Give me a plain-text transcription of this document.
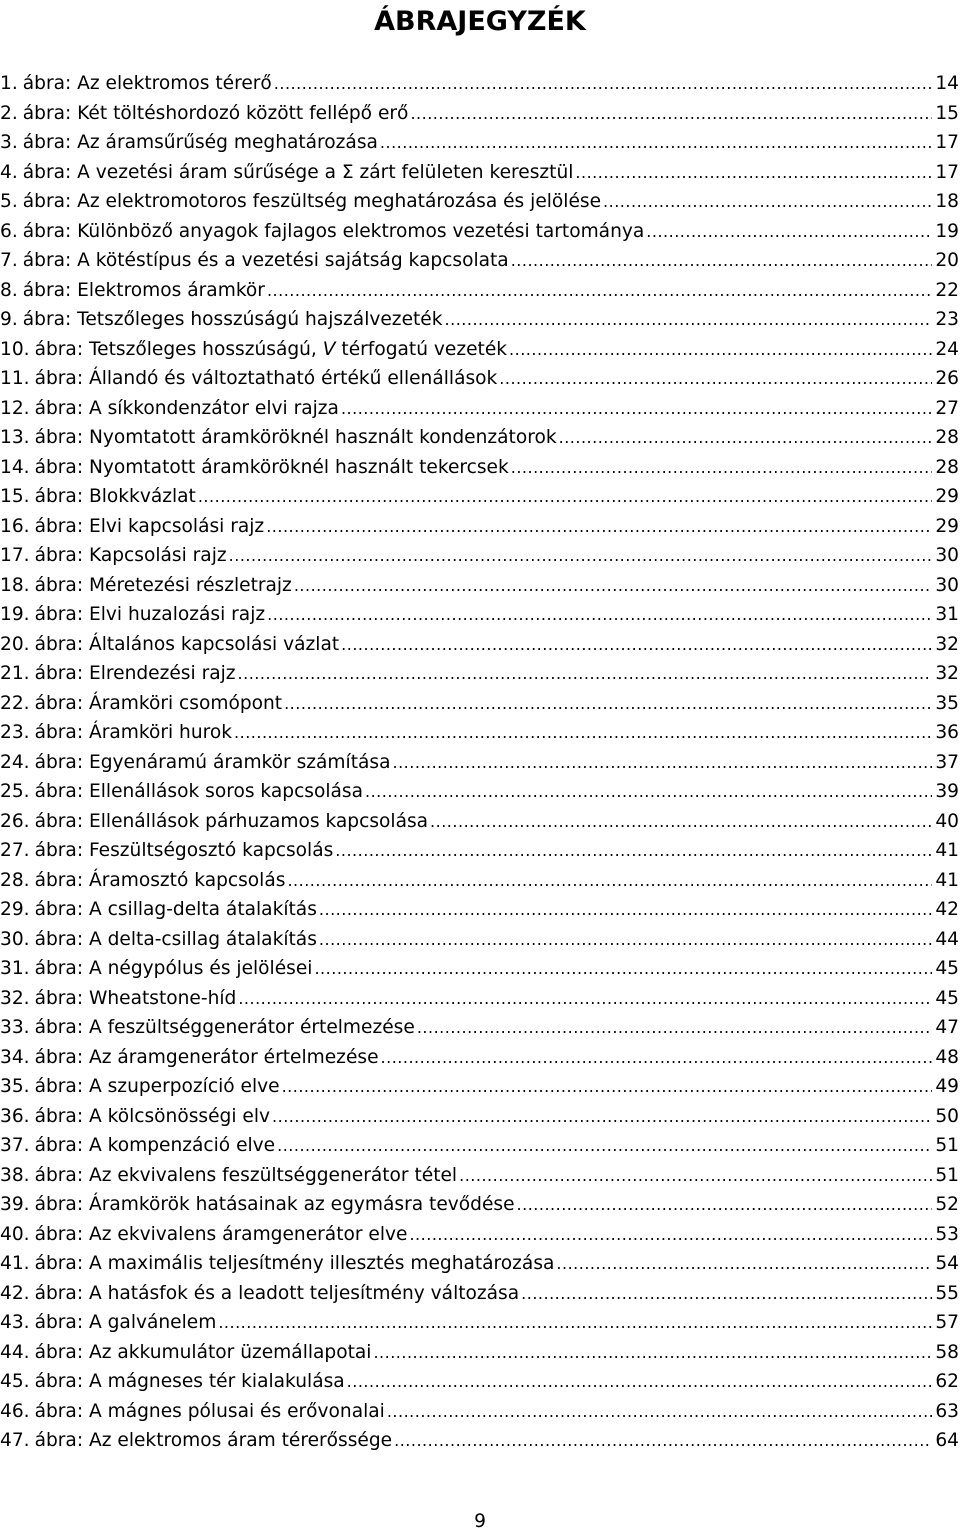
ÁBRAJEGYZÉK
1. ábra: Az elektromos térerő .....	14
2. ábra: Két töltéshordozó között fellépő erő .....	15
3. ábra: Az áramsűrűség meghatározása .....	17
4. ábra: A vezetési áram sűrűsége a Σ zárt felületen keresztül .....	17
5. ábra: Az elektromotoros feszültség meghatározása és jelölése .....	18
6. ábra: Különböző anyagok fajlagos elektromos vezetési tartománya .....	19
7. ábra: A kötéstípus és a vezetési sajátság kapcsolata .....	20
8. ábra: Elektromos áramkör .....	22
9. ábra: Tetszőleges hosszúságú hajszálvezeték .....	23
10. ábra: Tetszőleges hosszúságú, V térfogatú vezeték .....	24
11. ábra: Állandó és változtatható értékű ellenállások .....	26
12. ábra: A síkkondenzátor elvi rajza .....	27
13. ábra: Nyomtatott áramköröknél használt kondenzátorok .....	28
14. ábra: Nyomtatott áramköröknél használt tekercsek .....	28
15. ábra: Blokkvázlat .....	29
16. ábra: Elvi kapcsolási rajz .....	29
17. ábra: Kapcsolási rajz .....	30
18. ábra: Méretezési részletrajz .....	30
19. ábra: Elvi huzalozási rajz .....	31
20. ábra: Általános kapcsolási vázlat .....	32
21. ábra: Elrendezési rajz .....	32
22. ábra: Áramköri csomópont .....	35
23. ábra: Áramköri hurok .....	36
24. ábra: Egyenáramú áramkör számítása .....	37
25. ábra: Ellenállások soros kapcsolása .....	39
26. ábra: Ellenállások párhuzamos kapcsolása .....	40
27. ábra: Feszültségosztó kapcsolás .....	41
28. ábra: Áramosztó kapcsolás .....	41
29. ábra: A csillag-delta átalakítás .....	42
30. ábra: A delta-csillag átalakítás .....	44
31. ábra: A négypólus és jelölései .....	45
32. ábra: Wheatstone-híd .....	45
33. ábra: A feszültséggenerátor értelmezése .....	47
34. ábra: Az áramgenerátor értelmezése .....	48
35. ábra: A szuperpozíció elve .....	49
36. ábra: A kölcsönösségi elv .....	50
37. ábra: A kompenzáció elve .....	51
38. ábra: Az ekvivalens feszültséggenerátor tétel .....	51
39. ábra: Áramkörök hatásainak az egymásra tevődése .....	52
40. ábra: Az ekvivalens áramgenerátor elve .....	53
41. ábra: A maximális teljesítmény illesztés meghatározása .....	54
42. ábra: A hatásfok és a leadott teljesítmény változása .....	55
43. ábra: A galvánelem .....	57
44. ábra: Az akkumulátor üzemállapotai .....	58
45. ábra: A mágneses tér kialakulása .....	62
46. ábra: A mágnes pólusai és erővonalai .....	63
47. ábra: Az elektromos áram térerőssége .....	64
9
